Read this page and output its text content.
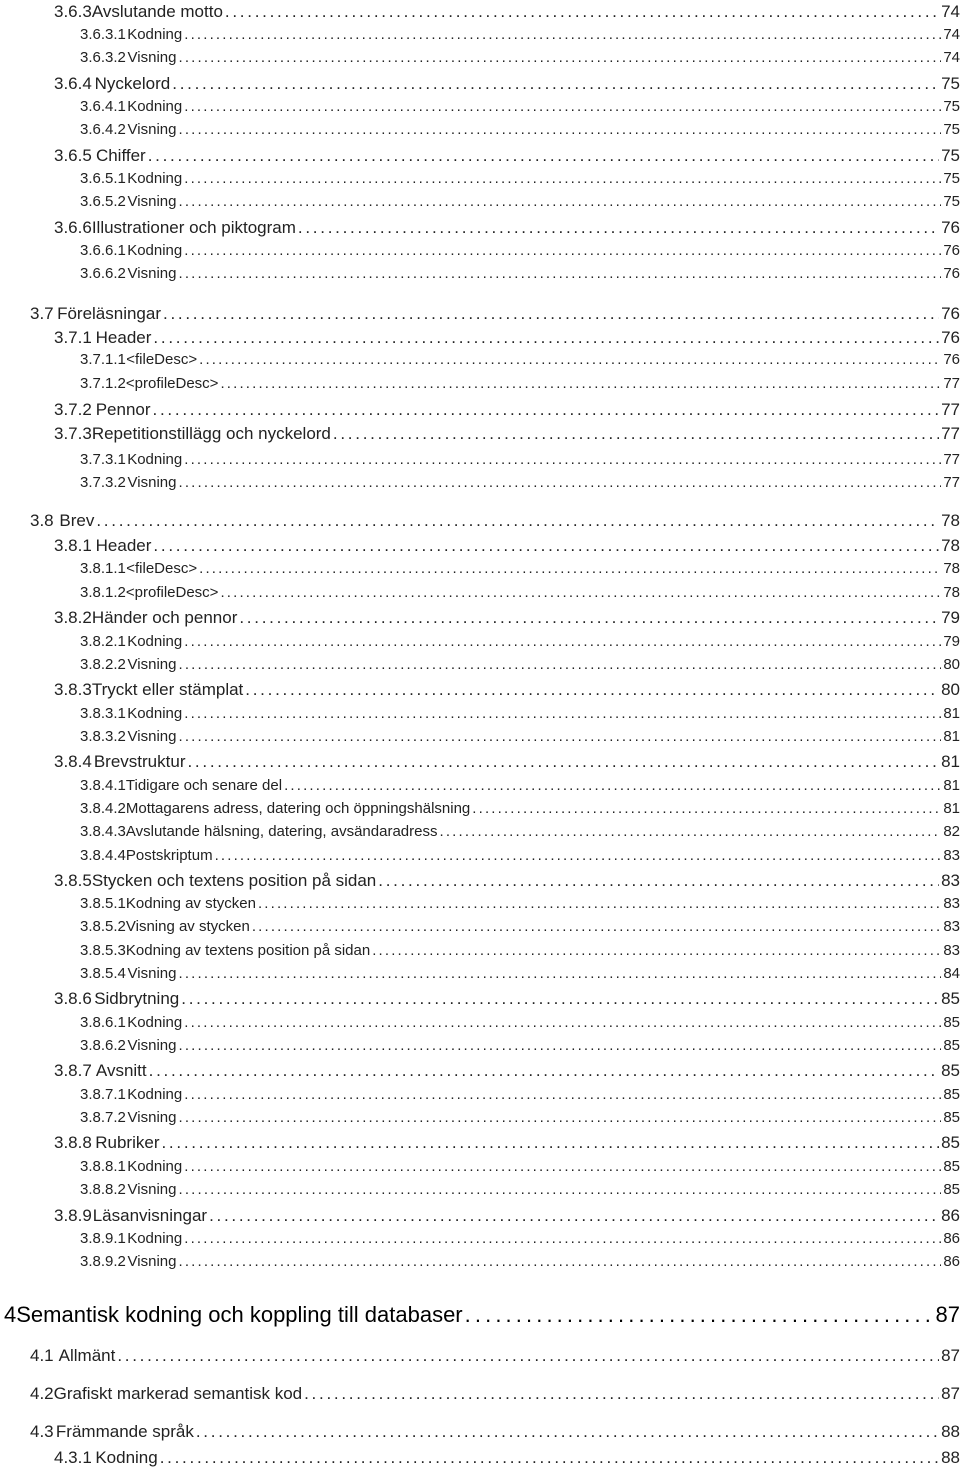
3.6.3 Avslutande motto . . .	74
3.6.3.1 Kodning . . .	74
3.6.3.2 Visning . . .	74
3.6.4 Nyckelord . . .	75
3.6.4.1 Kodning . . .	75
3.6.4.2 Visning . . .	75
3.6.5 Chiffer . . .	75
3.6.5.1 Kodning . . .	75
3.6.5.2 Visning . . .	75
3.6.6 Illustrationer och piktogram . . .	76
3.6.6.1 Kodning . . .	76
3.6.6.2 Visning . . .	76
3.7 Föreläsningar . . .	76
3.7.1 Header . . .	76
3.7.1.1 <fileDesc> . . .	76
3.7.1.2 <profileDesc> . . .	77
3.7.2 Pennor . . .	77
3.7.3 Repetitionstillägg och nyckelord . . .	77
3.7.3.1 Kodning . . .	77
3.7.3.2 Visning . . .	77
3.8 Brev . . .	78
3.8.1 Header . . .	78
3.8.1.1 <fileDesc> . . .	78
3.8.1.2 <profileDesc> . . .	78
3.8.2 Händer och pennor . . .	79
3.8.2.1 Kodning . . .	79
3.8.2.2 Visning . . .	80
3.8.3 Tryckt eller stämplat . . .	80
3.8.3.1 Kodning . . .	81
3.8.3.2 Visning . . .	81
3.8.4 Brevstruktur . . .	81
3.8.4.1 Tidigare och senare del . . .	81
3.8.4.2 Mottagarens adress, datering och öppningshälsning . . .	81
3.8.4.3 Avslutande hälsning, datering, avsändaradress . . .	82
3.8.4.4 Postskriptum . . .	83
3.8.5 Stycken och textens position på sidan . . .	83
3.8.5.1 Kodning av stycken . . .	83
3.8.5.2 Visning av stycken . . .	83
3.8.5.3 Kodning av textens position på sidan . . .	83
3.8.5.4 Visning . . .	84
3.8.6 Sidbrytning . . .	85
3.8.6.1 Kodning . . .	85
3.8.6.2 Visning . . .	85
3.8.7 Avsnitt . . .	85
3.8.7.1 Kodning . . .	85
3.8.7.2 Visning . . .	85
3.8.8 Rubriker . . .	85
3.8.8.1 Kodning . . .	85
3.8.8.2 Visning . . .	85
3.8.9 Läsanvisningar . . .	86
3.8.9.1 Kodning . . .	86
3.8.9.2 Visning . . .	86
4 Semantisk kodning och koppling till databaser . . .	87
4.1 Allmänt . . .	87
4.2 Grafiskt markerad semantisk kod . . .	87
4.3 Främmande språk . . .	88
4.3.1 Kodning . . .	88
